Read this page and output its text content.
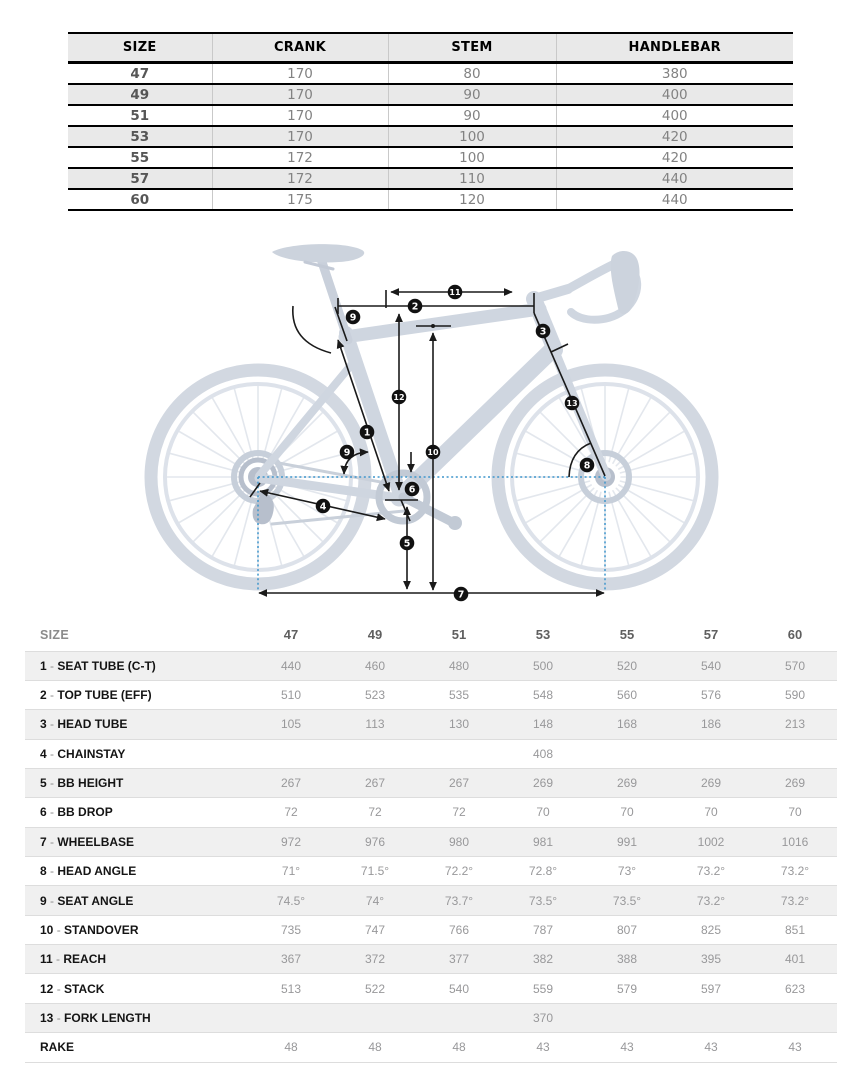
SIZE	CRANK	STEM	HANDLEBAR
47	170	80	380
49	170	90	400
51	170	90	400
53	170	100	420
55	172	100	420
57	172	110	440
60	175	120	440
9
11
2
3
12
1
13
9	10
8
6
4
5
7
SIZE	47	49	51	53	55	57	60
1 - SEAT TUBE (C-T)	440	460	480	500	520	540	570
2 - TOP TUBE (EFF)	510	523	535	548	560	576	590
3 - HEAD TUBE	105	113	130	148	168	186	213
4 - CHAINSTAY				408			
5 - BB HEIGHT	267	267	267	269	269	269	269
6 - BB DROP	72	72	72	70	70	70	70
7 - WHEELBASE	972	976	980	981	991	1002	1016
8 - HEAD ANGLE	71°	71.5°	72.2°	72.8°	73°	73.2°	73.2°
9 - SEAT ANGLE	74.5°	74°	73.7°	73.5°	73.5°	73.2°	73.2°
10 - STANDOVER	735	747	766	787	807	825	851
11 - REACH	367	372	377	382	388	395	401
12 - STACK	513	522	540	559	579	597	623
13 - FORK LENGTH				370			
RAKE	48	48	48	43	43	43	43
